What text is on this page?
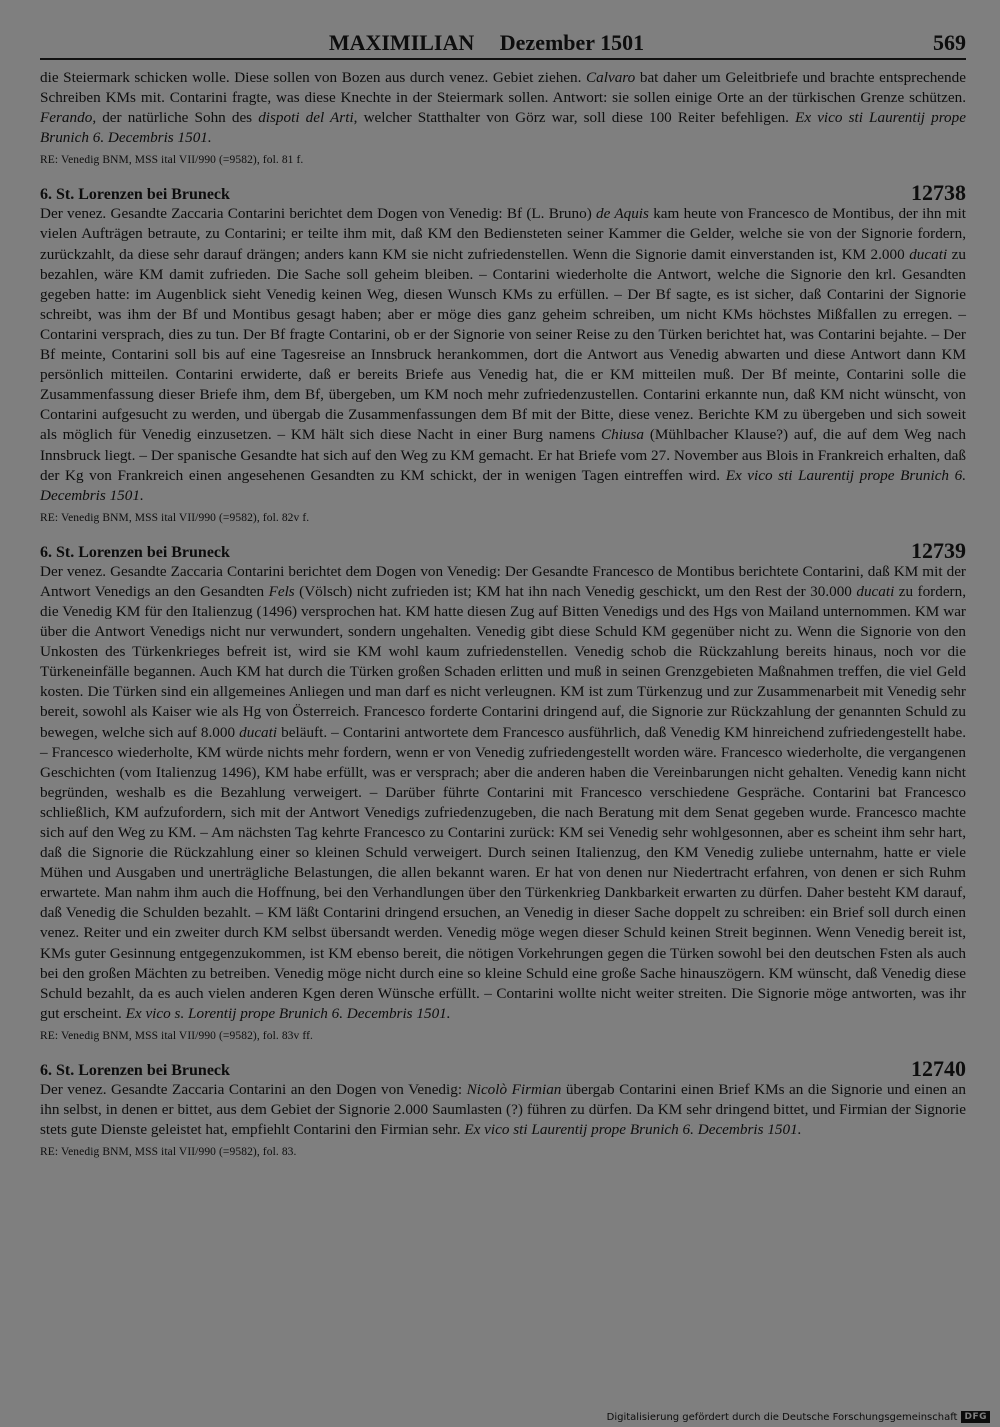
MAXIMILIAN Dezember 1501	569

die Steiermark schicken wolle. Diese sollen von Bozen aus durch venez. Gebiet ziehen. Calvaro bat daher um Geleitbriefe und brachte entsprechende Schreiben KMs mit. Contarini fragte, was diese Knechte in der Steiermark sollen. Antwort: sie sollen einige Orte an der türkischen Grenze schützen. Ferando, der natürliche Sohn des dispoti del Arti, welcher Statthalter von Görz war, soll diese 100 Reiter befehligen. Ex vico sti Laurentij prope Brunich 6. Decembris 1501.

RE: Venedig BNM, MSS ital VII/990 (=9582), fol. 81 f.

6. St. Lorenzen bei Bruneck	12738

Der venez. Gesandte Zaccaria Contarini berichtet dem Dogen von Venedig: Bf (L. Bruno) de Aquis kam heute von Francesco de Montibus, der ihn mit vielen Aufträgen betraute, zu Contarini; er teilte ihm mit, daß KM den Bediensteten seiner Kammer die Gelder, welche sie von der Signorie fordern, zurückzahlt, da diese sehr darauf drängen; anders kann KM sie nicht zufriedenstellen. Wenn die Signorie damit einverstanden ist, KM 2.000 ducati zu bezahlen, wäre KM damit zufrieden. Die Sache soll geheim bleiben. – Contarini wiederholte die Antwort, welche die Signorie den krl. Gesandten gegeben hatte: im Augenblick sieht Venedig keinen Weg, diesen Wunsch KMs zu erfüllen. – Der Bf sagte, es ist sicher, daß Contarini der Signorie schreibt, was ihm der Bf und Montibus gesagt haben; aber er möge dies ganz geheim schreiben, um nicht KMs höchstes Mißfallen zu erregen. – Contarini versprach, dies zu tun. Der Bf fragte Contarini, ob er der Signorie von seiner Reise zu den Türken berichtet hat, was Contarini bejahte. – Der Bf meinte, Contarini soll bis auf eine Tagesreise an Innsbruck herankommen, dort die Antwort aus Venedig abwarten und diese Antwort dann KM persönlich mitteilen. Contarini erwiderte, daß er bereits Briefe aus Venedig hat, die er KM mitteilen muß. Der Bf meinte, Contarini solle die Zusammenfassung dieser Briefe ihm, dem Bf, übergeben, um KM noch mehr zufriedenzustellen. Contarini erkannte nun, daß KM nicht wünscht, von Contarini aufgesucht zu werden, und übergab die Zusammenfassungen dem Bf mit der Bitte, diese venez. Berichte KM zu übergeben und sich soweit als möglich für Venedig einzusetzen. – KM hält sich diese Nacht in einer Burg namens Chiusa (Mühlbacher Klause?) auf, die auf dem Weg nach Innsbruck liegt. – Der spanische Gesandte hat sich auf den Weg zu KM gemacht. Er hat Briefe vom 27. November aus Blois in Frankreich erhalten, daß der Kg von Frankreich einen angesehenen Gesandten zu KM schickt, der in wenigen Tagen eintreffen wird. Ex vico sti Laurentij prope Brunich 6. Decembris 1501.

RE: Venedig BNM, MSS ital VII/990 (=9582), fol. 82v f.

6. St. Lorenzen bei Bruneck	12739

Der venez. Gesandte Zaccaria Contarini berichtet dem Dogen von Venedig: Der Gesandte Francesco de Montibus berichtete Contarini, daß KM mit der Antwort Venedigs an den Gesandten Fels (Völsch) nicht zufrieden ist; KM hat ihn nach Venedig geschickt, um den Rest der 30.000 ducati zu fordern, die Venedig KM für den Italienzug (1496) versprochen hat. KM hatte diesen Zug auf Bitten Venedigs und des Hgs von Mailand unternommen. KM war über die Antwort Venedigs nicht nur verwundert, sondern ungehalten. Venedig gibt diese Schuld KM gegenüber nicht zu. Wenn die Signorie von den Unkosten des Türkenkrieges befreit ist, wird sie KM wohl kaum zufriedenstellen. Venedig schob die Rückzahlung bereits hinaus, noch vor die Türkeneinfälle begannen. Auch KM hat durch die Türken großen Schaden erlitten und muß in seinen Grenzgebieten Maßnahmen treffen, die viel Geld kosten. Die Türken sind ein allgemeines Anliegen und man darf es nicht verleugnen. KM ist zum Türkenzug und zur Zusammenarbeit mit Venedig sehr bereit, sowohl als Kaiser wie als Hg von Österreich. Francesco forderte Contarini dringend auf, die Signorie zur Rückzahlung der genannten Schuld zu bewegen, welche sich auf 8.000 ducati beläuft. – Contarini antwortete dem Francesco ausführlich, daß Venedig KM hinreichend zufriedengestellt habe. – Francesco wiederholte, KM würde nichts mehr fordern, wenn er von Venedig zufriedengestellt worden wäre. Francesco wiederholte, die vergangenen Geschichten (vom Italienzug 1496), KM habe erfüllt, was er versprach; aber die anderen haben die Vereinbarungen nicht gehalten. Venedig kann nicht begründen, weshalb es die Bezahlung verweigert. – Darüber führte Contarini mit Francesco verschiedene Gespräche. Contarini bat Francesco schließlich, KM aufzufordern, sich mit der Antwort Venedigs zufriedenzugeben, die nach Beratung mit dem Senat gegeben wurde. Francesco machte sich auf den Weg zu KM. – Am nächsten Tag kehrte Francesco zu Contarini zurück: KM sei Venedig sehr wohlgesonnen, aber es scheint ihm sehr hart, daß die Signorie die Rückzahlung einer so kleinen Schuld verweigert. Durch seinen Italienzug, den KM Venedig zuliebe unternahm, hatte er viele Mühen und Ausgaben und unerträgliche Belastungen, die allen bekannt waren. Er hat von denen nur Niedertracht erfahren, von denen er sich Ruhm erwartete. Man nahm ihm auch die Hoffnung, bei den Verhandlungen über den Türkenkrieg Dankbarkeit erwarten zu dürfen. Daher besteht KM darauf, daß Venedig die Schulden bezahlt. – KM läßt Contarini dringend ersuchen, an Venedig in dieser Sache doppelt zu schreiben: ein Brief soll durch einen venez. Reiter und ein zweiter durch KM selbst übersandt werden. Venedig möge wegen dieser Schuld keinen Streit beginnen. Wenn Venedig bereit ist, KMs guter Gesinnung entgegenzukommen, ist KM ebenso bereit, die nötigen Vorkehrungen gegen die Türken sowohl bei den deutschen Fsten als auch bei den großen Mächten zu betreiben. Venedig möge nicht durch eine so kleine Schuld eine große Sache hinauszögern. KM wünscht, daß Venedig diese Schuld bezahlt, da es auch vielen anderen Kgen deren Wünsche erfüllt. – Contarini wollte nicht weiter streiten. Die Signorie möge antworten, was ihr gut erscheint. Ex vico s. Lorentij prope Brunich 6. Decembris 1501.

RE: Venedig BNM, MSS ital VII/990 (=9582), fol. 83v ff.

6. St. Lorenzen bei Bruneck	12740

Der venez. Gesandte Zaccaria Contarini an den Dogen von Venedig: Nicolò Firmian übergab Contarini einen Brief KMs an die Signorie und einen an ihn selbst, in denen er bittet, aus dem Gebiet der Signorie 2.000 Saumlasten (?) führen zu dürfen. Da KM sehr dringend bittet, und Firmian der Signorie stets gute Dienste geleistet hat, empfiehlt Contarini den Firmian sehr. Ex vico sti Laurentij prope Brunich 6. Decembris 1501.

RE: Venedig BNM, MSS ital VII/990 (=9582), fol. 83.

Digitalisierung gefördert durch die Deutsche Forschungsgemeinschaft DFG
